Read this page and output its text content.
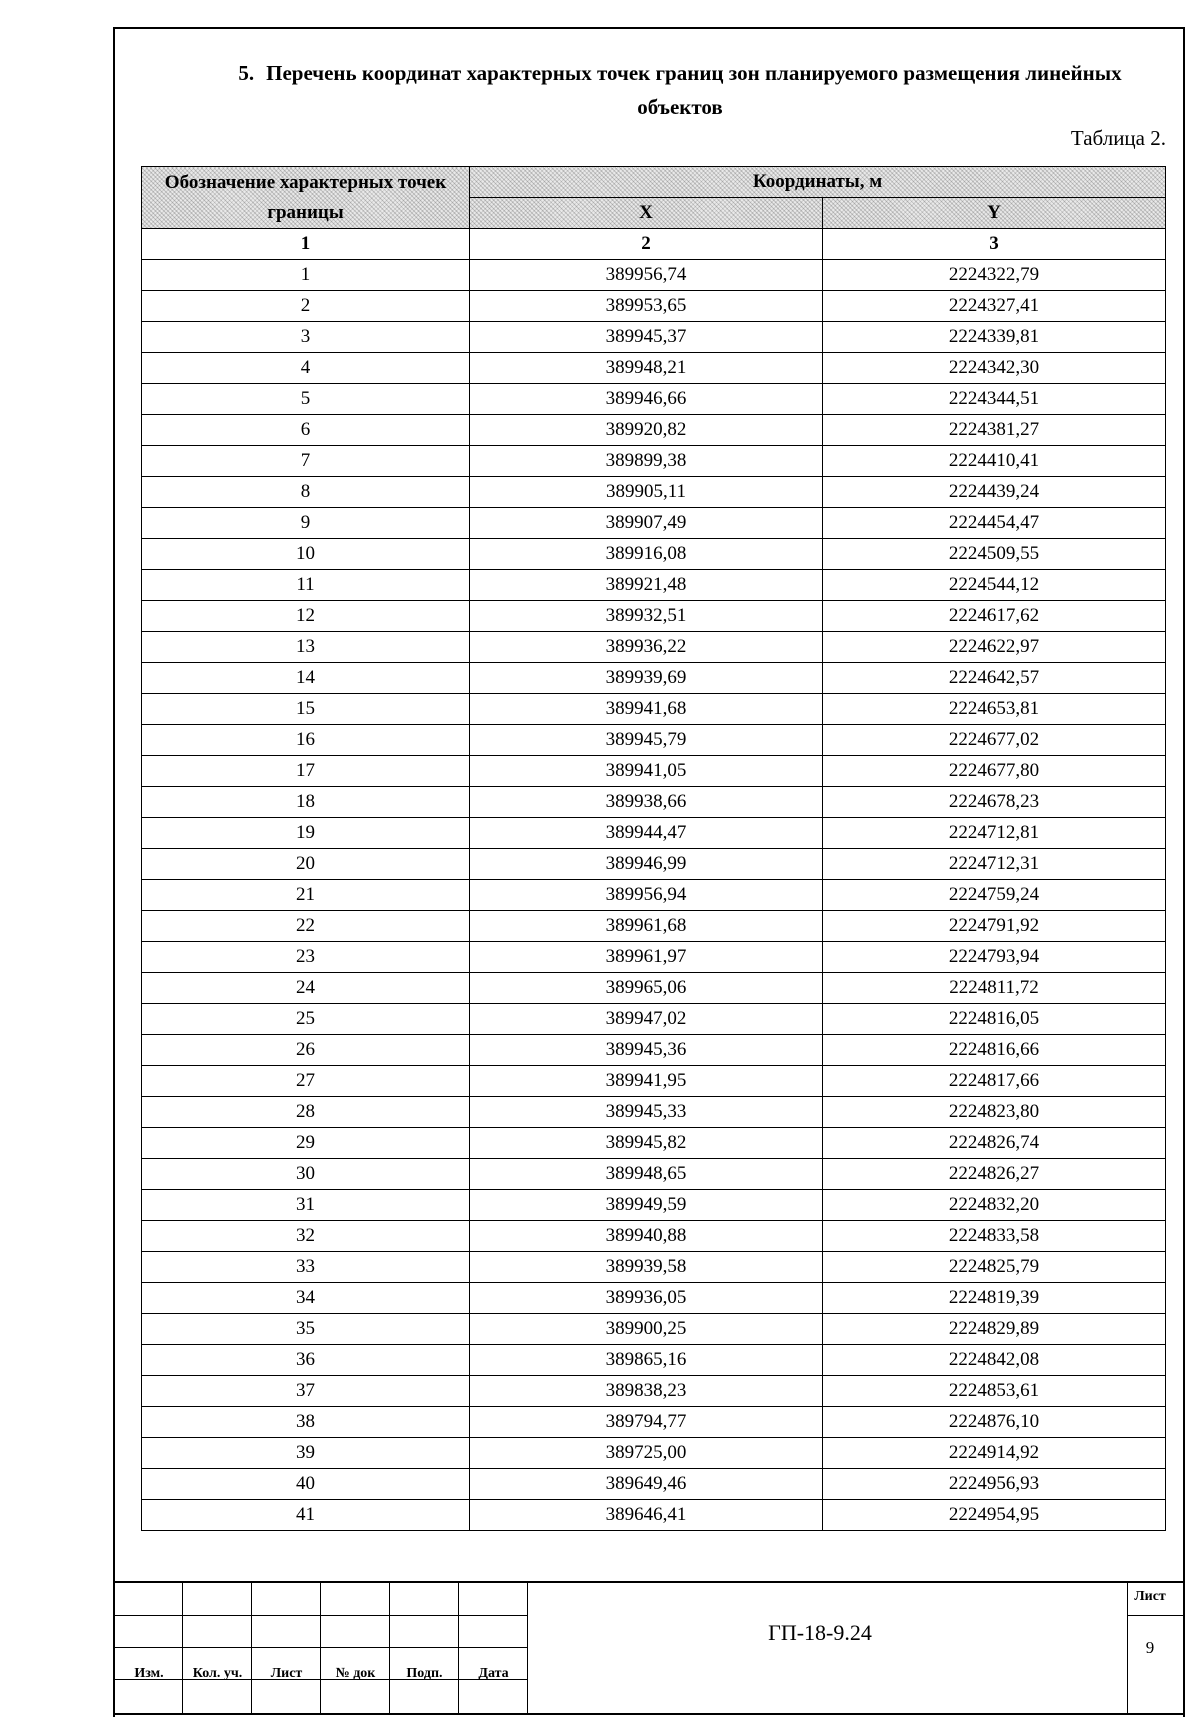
5. Перечень координат характерных точек границ зон планируемого размещения линейных объектов
Таблица 2.
Обозначение характерных точек границы	Координаты, м	
	X	Y
1	2	3
1	389956,74	2224322,79
2	389953,65	2224327,41
3	389945,37	2224339,81
4	389948,21	2224342,30
5	389946,66	2224344,51
6	389920,82	2224381,27
7	389899,38	2224410,41
8	389905,11	2224439,24
9	389907,49	2224454,47
10	389916,08	2224509,55
11	389921,48	2224544,12
12	389932,51	2224617,62
13	389936,22	2224622,97
14	389939,69	2224642,57
15	389941,68	2224653,81
16	389945,79	2224677,02
17	389941,05	2224677,80
18	389938,66	2224678,23
19	389944,47	2224712,81
20	389946,99	2224712,31
21	389956,94	2224759,24
22	389961,68	2224791,92
23	389961,97	2224793,94
24	389965,06	2224811,72
25	389947,02	2224816,05
26	389945,36	2224816,66
27	389941,95	2224817,66
28	389945,33	2224823,80
29	389945,82	2224826,74
30	389948,65	2224826,27
31	389949,59	2224832,20
32	389940,88	2224833,58
33	389939,58	2224825,79
34	389936,05	2224819,39
35	389900,25	2224829,89
36	389865,16	2224842,08
37	389838,23	2224853,61
38	389794,77	2224876,10
39	389725,00	2224914,92
40	389649,46	2224956,93
41	389646,41	2224954,95
Изм.	Кол. уч.	Лист	№ док	Подп.	Дата
ГП-18-9.24
Лист
9
